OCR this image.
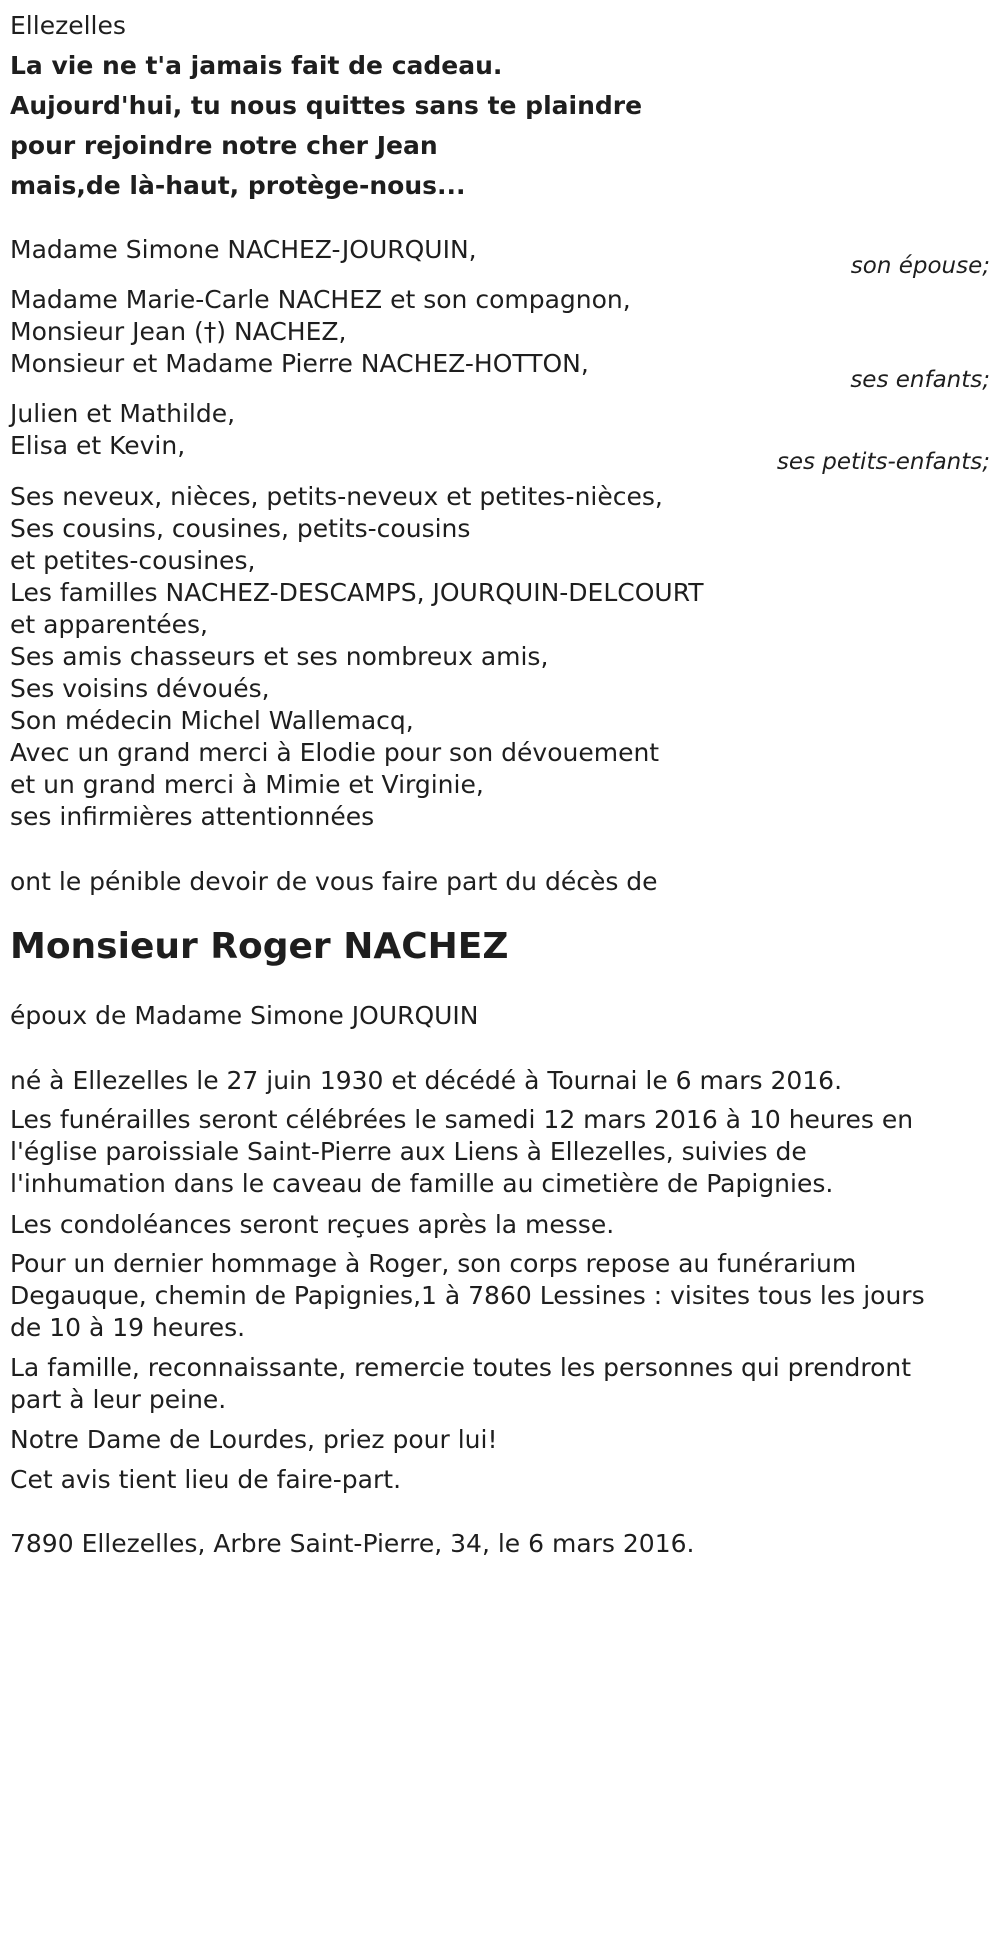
Ellezelles
La vie ne t'a jamais fait de cadeau.
Aujourd'hui, tu nous quittes sans te plaindre
pour rejoindre notre cher Jean
mais,de là-haut, protège-nous...
Madame Simone NACHEZ-JOURQUIN,
son épouse;
Madame Marie-Carle NACHEZ et son compagnon,
Monsieur Jean (†) NACHEZ,
Monsieur et Madame Pierre NACHEZ-HOTTON,
ses enfants;
Julien et Mathilde,
Elisa et Kevin,
ses petits-enfants;
Ses neveux, nièces, petits-neveux et petites-nièces,
Ses cousins, cousines, petits-cousins
et petites-cousines,
Les familles NACHEZ-DESCAMPS, JOURQUIN-DELCOURT
et apparentées,
Ses amis chasseurs et ses nombreux amis,
Ses voisins dévoués,
Son médecin Michel Wallemacq,
Avec un grand merci à Elodie pour son dévouement
et un grand merci à Mimie et Virginie,
ses infirmières attentionnées
ont le pénible devoir de vous faire part du décès de
Monsieur Roger NACHEZ
époux de Madame Simone JOURQUIN
né à Ellezelles le 27 juin 1930 et décédé à Tournai le 6 mars 2016.
Les funérailles seront célébrées le samedi 12 mars 2016 à 10 heures en
l'église paroissiale Saint-Pierre aux Liens à Ellezelles, suivies de
l'inhumation dans le caveau de famille au cimetière de Papignies.
Les condoléances seront reçues après la messe.
Pour un dernier hommage à Roger, son corps repose au funérarium
Degauque, chemin de Papignies,1 à 7860 Lessines : visites tous les jours
de 10 à 19 heures.
La famille, reconnaissante, remercie toutes les personnes qui prendront
part à leur peine.
Notre Dame de Lourdes, priez pour lui!
Cet avis tient lieu de faire-part.
7890 Ellezelles, Arbre Saint-Pierre, 34, le 6 mars 2016.
